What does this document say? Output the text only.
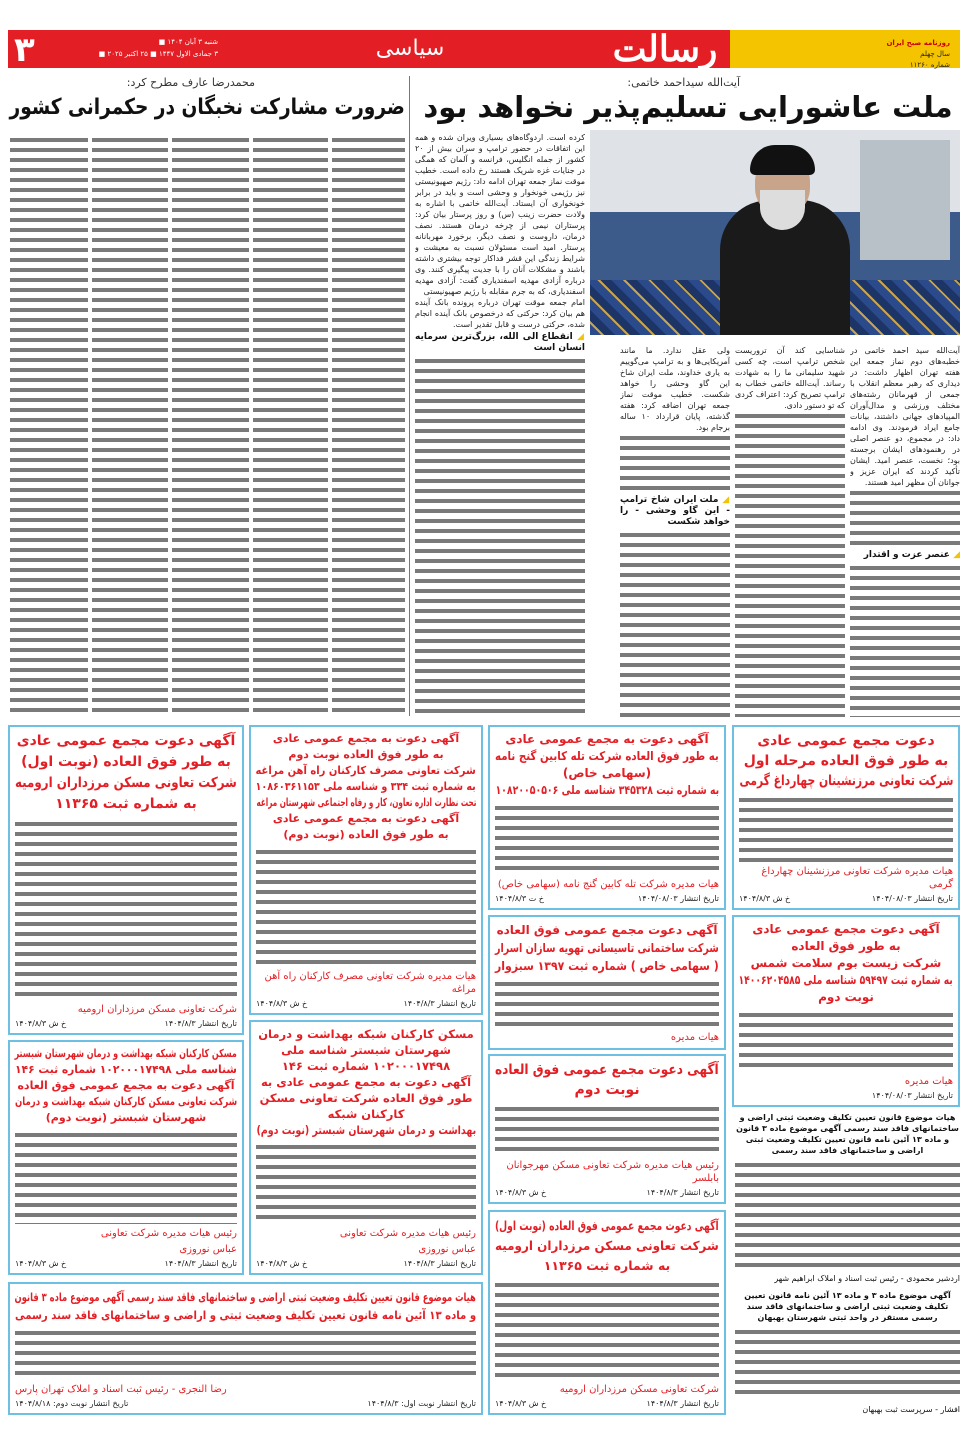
رسالت
سیاسی
۳	شنبه ۳ آبان ۱۴۰۴ ■
۳ جمادی الاول ۱۴۴۷ ■ ۲۵ اکتبر ۲۰۲۵ ■
روزنامه صبح ایران
سال چهلم
شماره ۱۱۲۶۰
آیت‌الله سیداحمد خاتمی:
ملت عاشورایی تسلیم‌پذیر نخواهد بود
کرده است. اردوگاه‌های بسیاری ویران شده و همه این اتفاقات در حضور ترامپ و سران بیش از ۲۰ کشور از جمله انگلیس، فرانسه و آلمان که همگی در جنایات غزه شریک هستند رخ داده است. خطیب موقت نماز جمعه تهران ادامه داد: رژیم صهیونیستی نیز رژیمی خونخوار و وحشی است و باید در برابر خونخواری آن ایستاد. آیت‌الله خاتمی با اشاره به ولادت حضرت زینب (س) و روز پرستار بیان کرد: پرستاران نیمی از چرخه درمان هستند. نصف درمان، داروست و نصف دیگر، برخورد مهربانانه پرستار. امید است مسئولان نسبت به معیشت و شرایط زندگی این قشر فداکار توجه بیشتری داشته باشند و مشکلات آنان را با جدیت پیگیری کنند. وی درباره آزادی مهدیه اسفندیاری گفت: آزادی مهدیه اسفندیاری، که به جرم مقابله با رژیم صهیونیستی
امام جمعه موقت تهران درباره پرونده بانک آینده هم بیان کرد: حرکتی که درخصوص بانک آینده انجام شده، حرکتی درست و قابل تقدیر است.
◢ انقطاع الی الله، بزرگ‌ترین سرمایه انسان است	آیت‌الله سید احمد خاتمی در خطبه‌های دوم نماز جمعه این هفته تهران اظهار داشت: در دیداری که رهبر معظم انقلاب با جمعی از قهرمانان رشته‌های مختلف ورزشی و مدال‌آوران المپیادهای جهانی داشتند، بیانات جامع ایراد فرمودند. وی ادامه داد: در مجموع، دو عنصر اصلی در رهنمودهای ایشان برجسته بود؛ نخست، عنصر امید. ایشان تأکید کردند که ایران عزیز و جوانان آن مظهر امید هستند.
◢ عنصر عزت و اقتدار
شناسایی کند آن تروریست شخص ترامپ است، چه کسی شهید سلیمانی ما را به شهادت رساند. آیت‌الله خاتمی خطاب به ترامپ تصریح کرد: اعتراف کردی که تو دستور دادی.
ولی عقل ندارد. ما مانند آمریکایی‌ها و به ترامپ می‌گوییم به یاری خداوند، ملت ایران شاخ این گاو وحشی را خواهد شکست. خطیب موقت نماز جمعه تهران اضافه کرد: هفته گذشته، پایان قرارداد ۱۰ ساله برجام بود.
◢ ملت ایران شاخ ترامپ - این گاو وحشی - را خواهد شکست
محمدرضا عارف مطرح کرد:
ضرورت مشارکت نخبگان در حکمرانی کشور
دعوت مجمع عمومی عادی
به طور فوق العاده مرحله اول
شرکت تعاونی مرزنشینان چهارداغ گرمی
هیات مدیره شرکت تعاونی مرزنشینان چهارداغ گرمی
تاریخ انتشار ۱۴۰۴/۰۸/۰۳
خ ش ۱۴۰۴/۸/۳
آگهی دعوت به مجمع عمومی عادی
به طور فوق العاده شرکت تله کابین گنج نامه
(سهامی خاص)
به شماره ثبت ۳۴۵۳۲۸ شناسه ملی ۱۰۸۲۰۰۵۰۵۰۶
هیات مدیره شرکت تله کابین گنج نامه (سهامی خاص)
تاریخ انتشار ۱۴۰۴/۰۸/۰۳
خ ت ۱۴۰۴/۸/۳
آگهی دعوت به مجمع عمومی عادی
به طور فوق العاده نوبت دوم
شرکت تعاونی مصرف کارکنان راه آهن مراغه
به شماره ثبت ۳۳۴ و شناسه ملی ۱۰۸۶۰۳۶۱۱۵۳
تحت نظارت اداره تعاون، کار و رفاه اجتماعی شهرستان مراغه
آگهی دعوت به مجمع عمومی عادی
به طور فوق العاده (نوبت دوم)
هیات مدیره شرکت تعاونی مصرف کارکنان راه آهن مراغه
تاریخ انتشار ۱۴۰۴/۸/۳
خ ش ۱۴۰۴/۸/۳
آگهی دعوت مجمع عمومی عادی
به طور فوق العاده (نوبت اول)
شرکت تعاونی مسکن مرزداران ارومیه
به شماره ثبت ۱۱۳۶۵
شرکت تعاونی مسکن مرزداران ارومیه
تاریخ انتشار ۱۴۰۴/۸/۳
خ ش ۱۴۰۴/۸/۳
آگهی دعوت مجمع عمومی عادی
به طور فوق العاده
شرکت زیست بوم سلامت شمس
به شماره ثبت ۵۹۴۹۷ شناسه ملی ۱۴۰۰۶۲۰۴۵۸۵
نوبت دوم
هیات مدیره
تاریخ انتشار ۱۴۰۴/۰۸/۰۳
آگهی دعوت مجمع عمومی فوق العاده
شرکت ساختمانی تاسیساتی تهویه سازان اسرار
( سهامی خاص ) شماره ثبت ۱۳۹۷ سبزوار
هیات مدیره
آگهی دعوت مجمع عمومی فوق العاده
نوبت دوم
رئیس هیات مدیره شرکت تعاونی مسکن مهرجوانان بابلسر
تاریخ انتشار ۱۴۰۴/۸/۳
خ ش ۱۴۰۴/۸/۳
مسکن کارکنان شبکه بهداشت و درمان شهرستان شبستر شناسه ملی ۱۰۲۰۰۰۱۷۴۹۸ شماره ثبت ۱۴۶
آگهی دعوت به مجمع عمومی عادی به طور فوق العاده شرکت تعاونی مسکن کارکنان شبکه
بهداشت و درمان شهرستان شبستر (نوبت دوم)
رئیس هیات مدیره شرکت تعاونی
عباس نوروزی
تاریخ انتشار ۱۴۰۴/۸/۳
خ ش ۱۴۰۴/۸/۳
مسکن کارکنان شبکه بهداشت و درمان شهرستان شبستر
شناسه ملی ۱۰۲۰۰۰۱۷۴۹۸ شماره ثبت ۱۴۶
آگهی دعوت به مجمع عمومی فوق العاده
شرکت تعاونی مسکن کارکنان شبکه بهداشت و درمان
شهرستان شبستر (نوبت دوم)
رئیس هیات مدیره شرکت تعاونی
عباس نوروزی
تاریخ انتشار ۱۴۰۴/۸/۳
خ ش ۱۴۰۴/۸/۳
آگهی دعوت مجمع عمومی فوق العاده (نوبت اول)
شرکت تعاونی مسکن مرزداران ارومیه
به شماره ثبت ۱۱۳۶۵
شرکت تعاونی مسکن مرزداران ارومیه
تاریخ انتشار ۱۴۰۴/۸/۳
خ ش ۱۴۰۴/۸/۳
هیات موضوع قانون تعیین تکلیف وضعیت ثبتی اراضی و ساختمانهای فاقد سند رسمی آگهی موضوع ماده ۳ قانون
و ماده ۱۳ آئین نامه قانون تعیین تکلیف وضعیت ثبتی و اراضی و ساختمانهای فاقد سند رسمی
رضا النجری - رئیس ثبت اسناد و املاک تهران پارس
تاریخ انتشار نوبت اول: ۱۴۰۴/۸/۳
تاریخ انتشار نوبت دوم: ۱۴۰۴/۸/۱۸
هیات موضوع قانون تعیین تکلیف وضعیت ثبتی اراضی و ساختمانهای فاقد سند رسمی آگهی موضوع ماده ۳ قانون و ماده ۱۳ آئین نامه قانون تعیین تکلیف وضعیت ثبتی اراضی و ساختمانهای فاقد سند رسمی
اردشیر محمودی - رئیس ثبت اسناد و املاک ابراهیم شهر
آگهی موضوع ماده ۳ و ماده ۱۳ آئین نامه قانون تعیین تکلیف وضعیت ثبتی اراضی و ساختمانهای فاقد سند رسمی مستقر در واحد ثبتی شهرستان بهبهان
افشار - سرپرست ثبت بهبهان
